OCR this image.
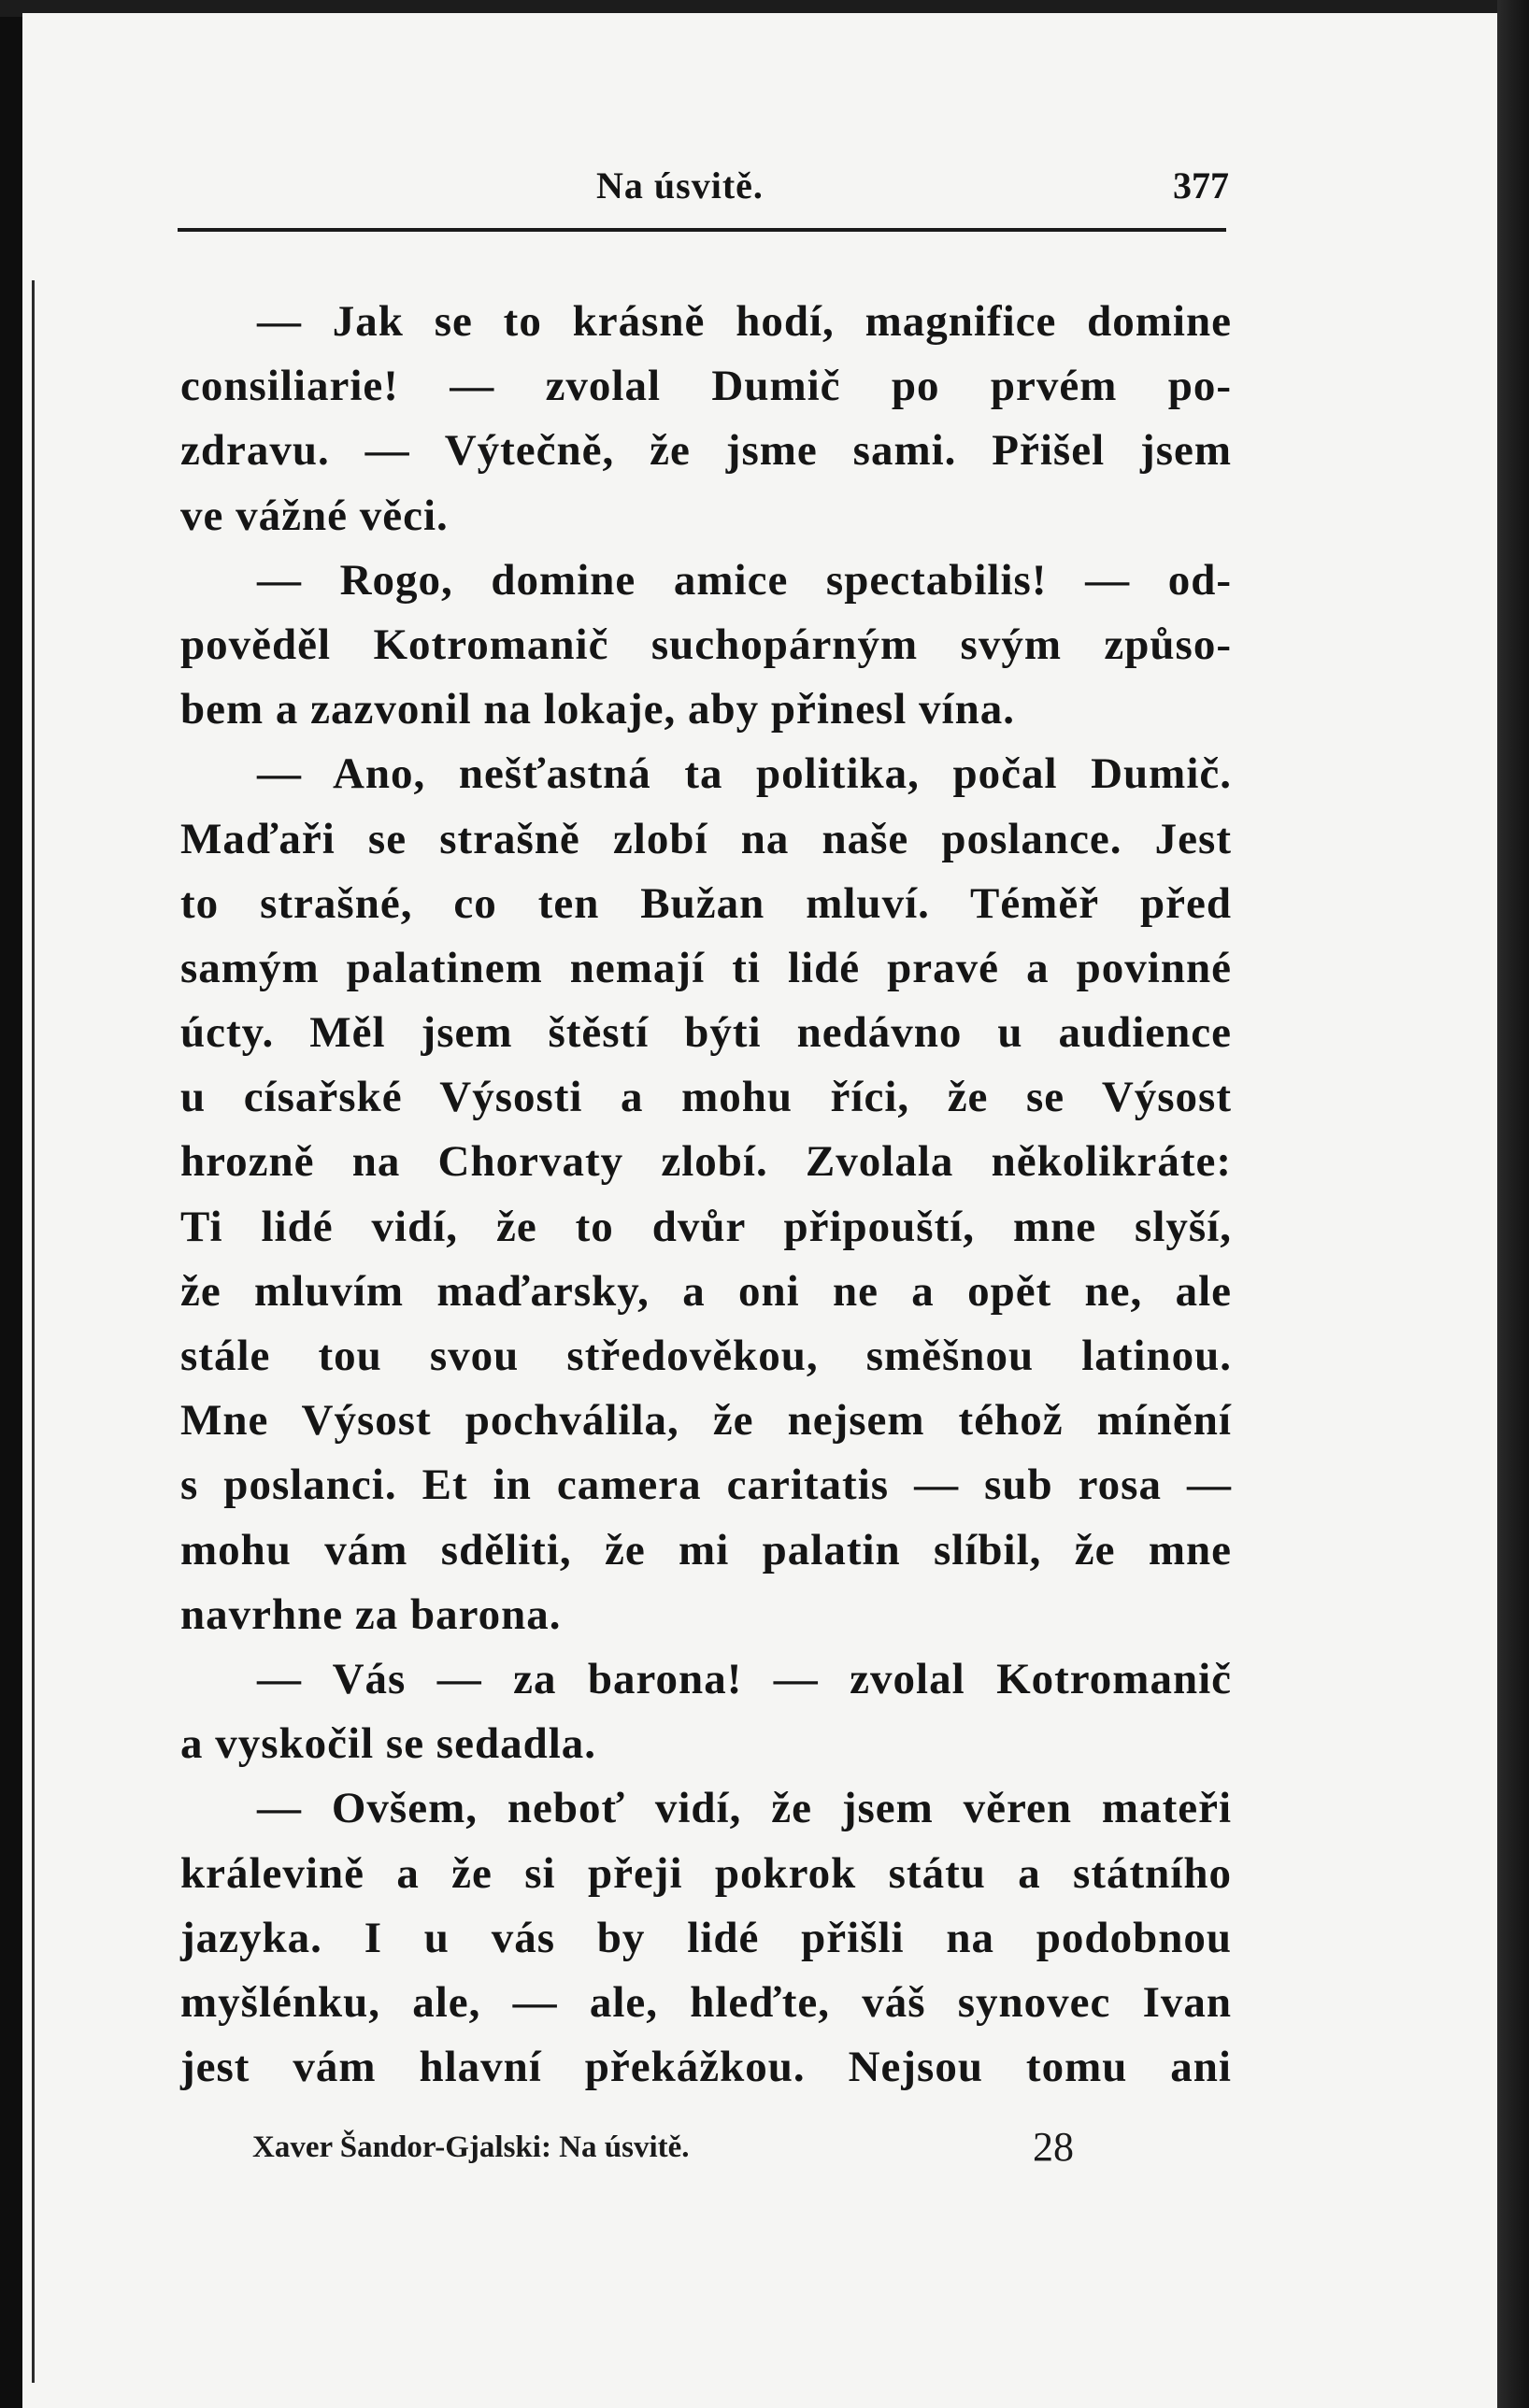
Na úsvitě.	377
— Jak se to krásně hodí, magnifice domine
consiliarie! — zvolal Dumič po prvém po-
zdravu. — Výtečně, že jsme sami. Přišel jsem
ve vážné věci.
— Rogo, domine amice spectabilis! — od-
pověděl Kotromanič suchopárným svým způso-
bem a zazvonil na lokaje, aby přinesl vína.
— Ano, nešťastná ta politika, počal Dumič.
Maďaři se strašně zlobí na naše poslance. Jest
to strašné, co ten Bužan mluví. Téměř před
samým palatinem nemají ti lidé pravé a povinné
úcty. Měl jsem štěstí býti nedávno u audience
u císařské Výsosti a mohu říci, že se Výsost
hrozně na Chorvaty zlobí. Zvolala několikráte:
Ti lidé vidí, že to dvůr připouští, mne slyší,
že mluvím maďarsky, a oni ne a opět ne, ale
stále tou svou středověkou, směšnou latinou.
Mne Výsost pochválila, že nejsem téhož mínění
s poslanci. Et in camera caritatis — sub rosa —
mohu vám sděliti, že mi palatin slíbil, že mne
navrhne za barona.
— Vás — za barona! — zvolal Kotromanič
a vyskočil se sedadla.
— Ovšem, neboť vidí, že jsem věren mateři
králevině a že si přeji pokrok státu a státního
jazyka. I u vás by lidé přišli na podobnou
myšlénku, ale, — ale, hleďte, váš synovec Ivan
jest vám hlavní překážkou. Nejsou tomu ani
Xaver Šandor-Gjalski: Na úsvitě.	28
